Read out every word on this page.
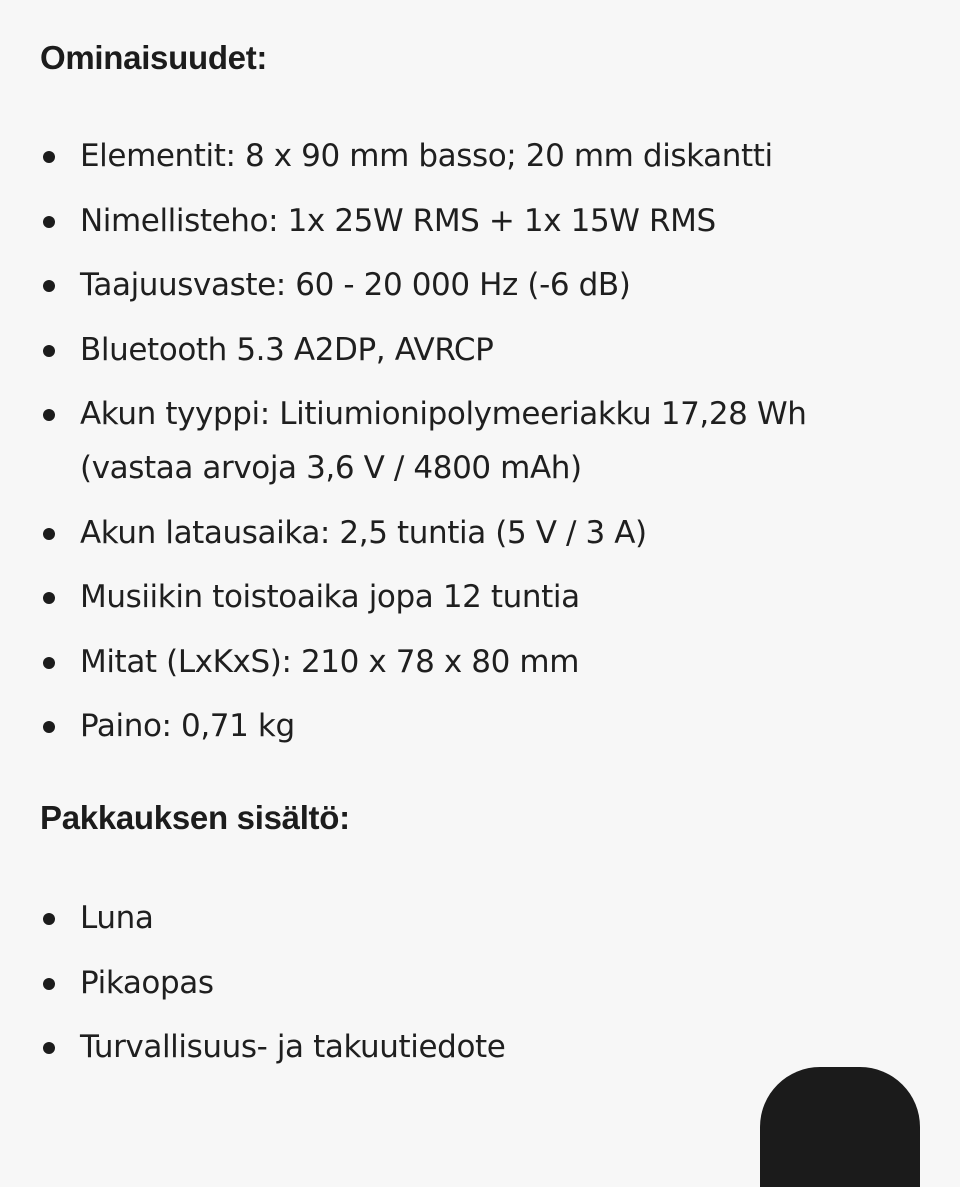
Ominaisuudet:
Elementit: 8 x 90 mm basso; 20 mm diskantti
Nimellisteho: 1x 25W RMS + 1x 15W RMS
Taajuusvaste: 60 - 20 000 Hz (-6 dB)
Bluetooth 5.3 A2DP, AVRCP
Akun tyyppi: Litiumionipolymeeriakku 17,28 Wh (vastaa arvoja 3,6 V / 4800 mAh)
Akun latausaika: 2,5 tuntia (5 V / 3 A)
Musiikin toistoaika jopa 12 tuntia
Mitat (LxKxS): 210 x 78 x 80 mm
Paino: 0,71 kg
Pakkauksen sisältö:
Luna
Pikaopas
Turvallisuus- ja takuutiedote
